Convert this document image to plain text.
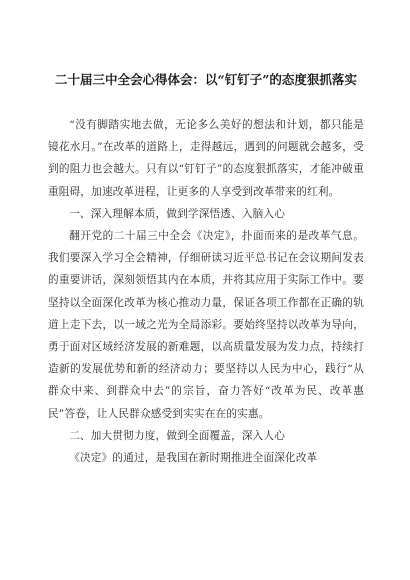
二十届三中全会心得体会：以“钉钉子”的态度狠抓落实

“没有脚踏实地去做，无论多么美好的想法和计划，都只能是镜花水月。”在改革的道路上，走得越远，遇到的问题就会越多，受到的阻力也会越大。只有以“钉钉子”的态度狠抓落实，才能冲破重重阻碍，加速改革进程，让更多的人享受到改革带来的红利。

一、深入理解本质，做到学深悟透、入脑入心

翻开党的二十届三中全会《决定》，扑面而来的是改革气息。我们要深入学习全会精神，仔细研读习近平总书记在会议期间发表的重要讲话，深刻领悟其内在本质，并将其应用于实际工作中。要坚持以全面深化改革为核心推动力量，保证各项工作都在正确的轨道上走下去，以一域之光为全局添彩。要始终坚持以改革为导向，勇于面对区域经济发展的新难题，以高质量发展为发力点，持续打造新的发展优势和新的经济动力；要坚持以人民为中心，践行“从群众中来、到群众中去”的宗旨，奋力答好“改革为民、改革惠民”答卷，让人民群众感受到实实在在的实惠。

二、加大贯彻力度，做到全面覆盖，深入人心

《决定》的通过，是我国在新时期推进全面深化改革
